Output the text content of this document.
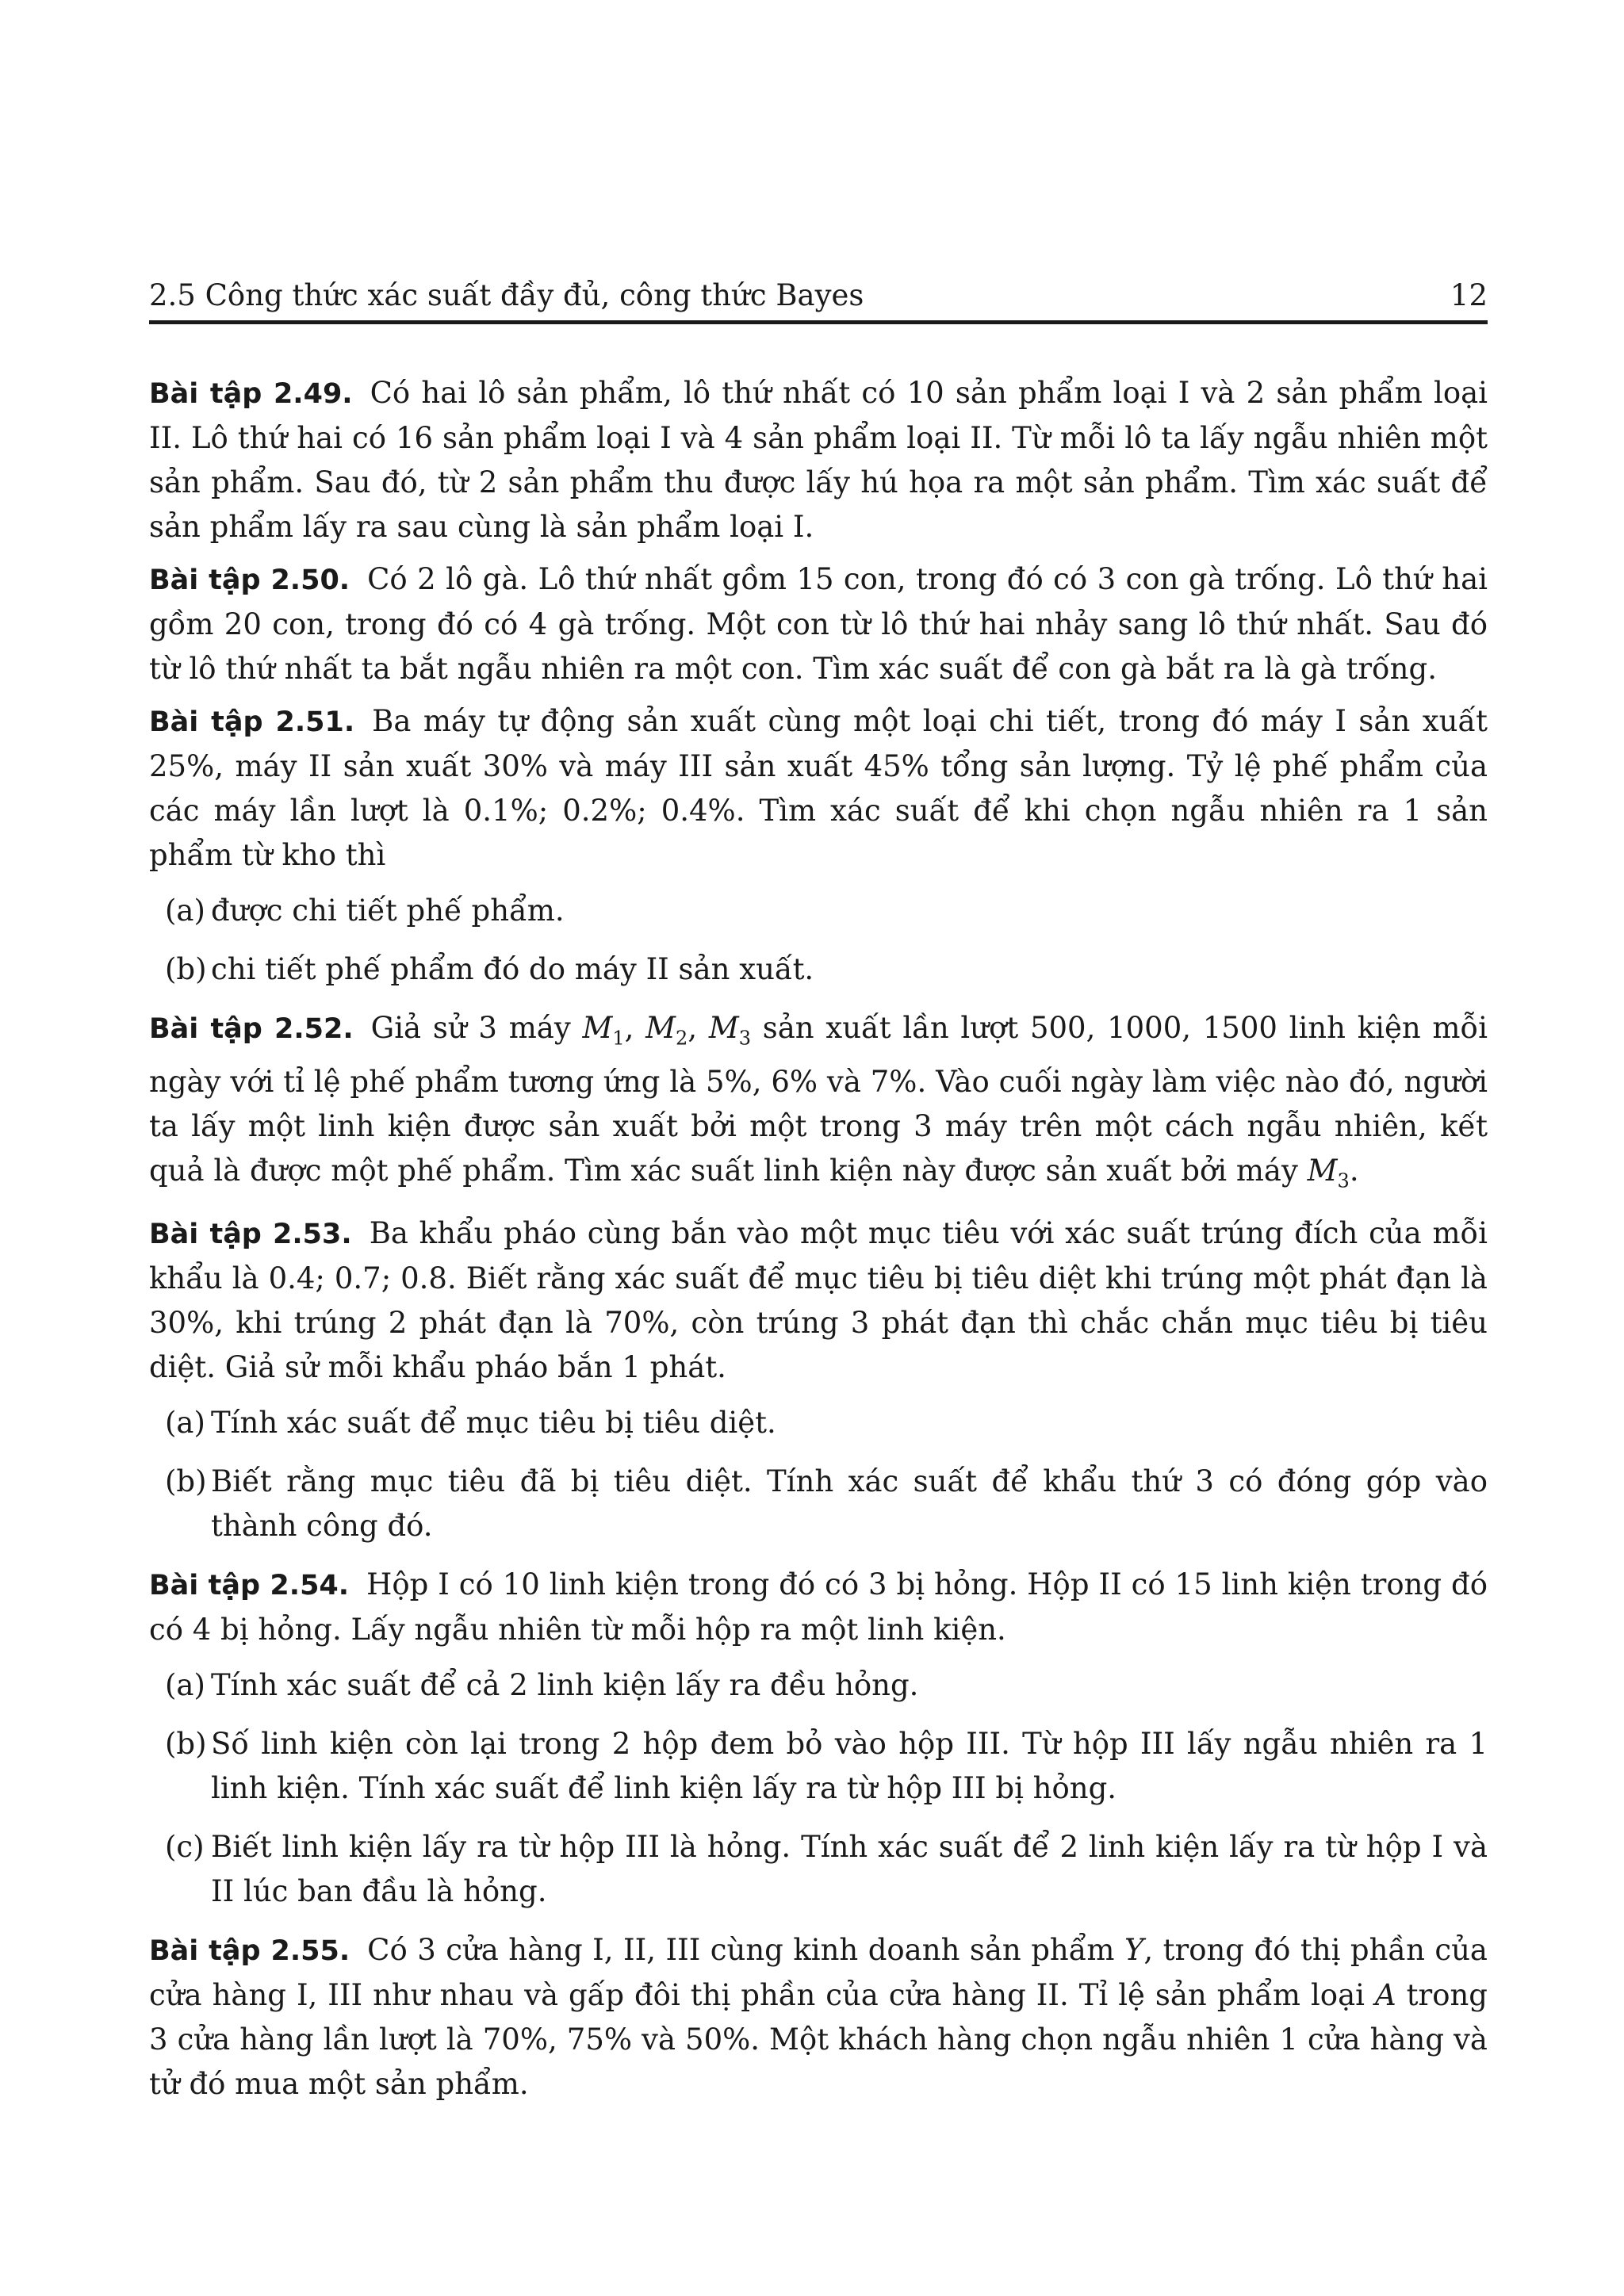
2.5 Công thức xác suất đầy đủ, công thức Bayes	12

Bài tập 2.49. Có hai lô sản phẩm, lô thứ nhất có 10 sản phẩm loại I và 2 sản phẩm loại II. Lô thứ hai có 16 sản phẩm loại I và 4 sản phẩm loại II. Từ mỗi lô ta lấy ngẫu nhiên một sản phẩm. Sau đó, từ 2 sản phẩm thu được lấy hú họa ra một sản phẩm. Tìm xác suất để sản phẩm lấy ra sau cùng là sản phẩm loại I.

Bài tập 2.50. Có 2 lô gà. Lô thứ nhất gồm 15 con, trong đó có 3 con gà trống. Lô thứ hai gồm 20 con, trong đó có 4 gà trống. Một con từ lô thứ hai nhảy sang lô thứ nhất. Sau đó từ lô thứ nhất ta bắt ngẫu nhiên ra một con. Tìm xác suất để con gà bắt ra là gà trống.

Bài tập 2.51. Ba máy tự động sản xuất cùng một loại chi tiết, trong đó máy I sản xuất 25%, máy II sản xuất 30% và máy III sản xuất 45% tổng sản lượng. Tỷ lệ phế phẩm của các máy lần lượt là 0.1%; 0.2%; 0.4%. Tìm xác suất để khi chọn ngẫu nhiên ra 1 sản phẩm từ kho thì

(a) được chi tiết phế phẩm.
(b) chi tiết phế phẩm đó do máy II sản xuất.

Bài tập 2.52. Giả sử 3 máy $M_1$, $M_2$, $M_3$ sản xuất lần lượt 500, 1000, 1500 linh kiện mỗi ngày với tỉ lệ phế phẩm tương ứng là 5%, 6% và 7%. Vào cuối ngày làm việc nào đó, người ta lấy một linh kiện được sản xuất bởi một trong 3 máy trên một cách ngẫu nhiên, kết quả là được một phế phẩm. Tìm xác suất linh kiện này được sản xuất bởi máy $M_3$.

Bài tập 2.53. Ba khẩu pháo cùng bắn vào một mục tiêu với xác suất trúng đích của mỗi khẩu là 0.4; 0.7; 0.8. Biết rằng xác suất để mục tiêu bị tiêu diệt khi trúng một phát đạn là 30%, khi trúng 2 phát đạn là 70%, còn trúng 3 phát đạn thì chắc chắn mục tiêu bị tiêu diệt. Giả sử mỗi khẩu pháo bắn 1 phát.

(a) Tính xác suất để mục tiêu bị tiêu diệt.
(b) Biết rằng mục tiêu đã bị tiêu diệt. Tính xác suất để khẩu thứ 3 có đóng góp vào thành công đó.

Bài tập 2.54. Hộp I có 10 linh kiện trong đó có 3 bị hỏng. Hộp II có 15 linh kiện trong đó có 4 bị hỏng. Lấy ngẫu nhiên từ mỗi hộp ra một linh kiện.

(a) Tính xác suất để cả 2 linh kiện lấy ra đều hỏng.
(b) Số linh kiện còn lại trong 2 hộp đem bỏ vào hộp III. Từ hộp III lấy ngẫu nhiên ra 1 linh kiện. Tính xác suất để linh kiện lấy ra từ hộp III bị hỏng.
(c) Biết linh kiện lấy ra từ hộp III là hỏng. Tính xác suất để 2 linh kiện lấy ra từ hộp I và II lúc ban đầu là hỏng.

Bài tập 2.55. Có 3 cửa hàng I, II, III cùng kinh doanh sản phẩm Y, trong đó thị phần của cửa hàng I, III như nhau và gấp đôi thị phần của cửa hàng II. Tỉ lệ sản phẩm loại A trong 3 cửa hàng lần lượt là 70%, 75% và 50%. Một khách hàng chọn ngẫu nhiên 1 cửa hàng và tử đó mua một sản phẩm.
